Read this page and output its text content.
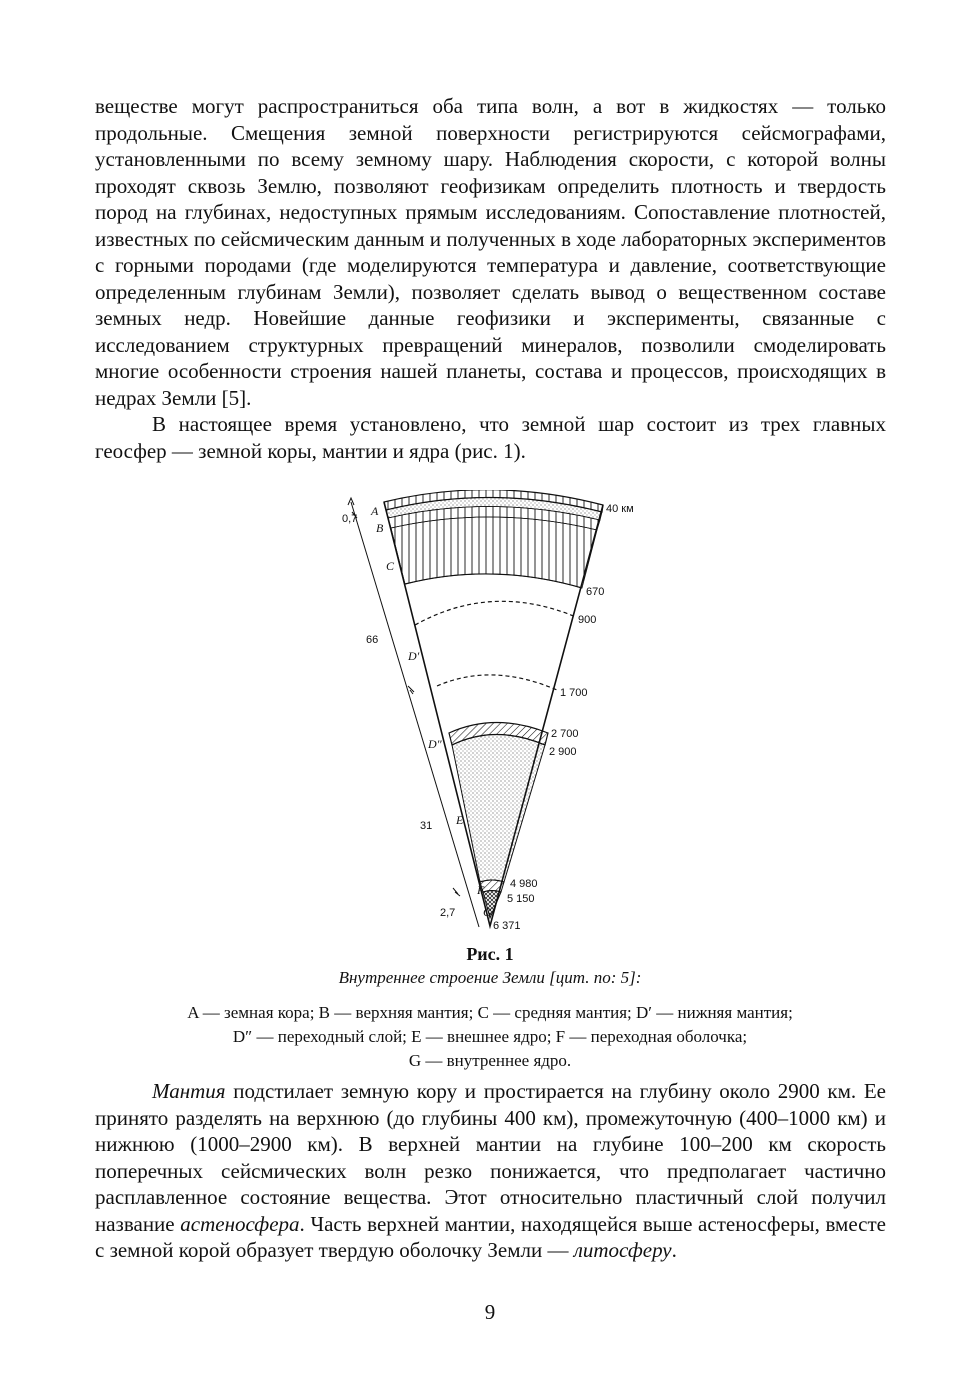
веществе могут распространиться оба типа волн, а вот в жидкостях — только продольные. Смещения земной поверхности регистрируются сейсмографами, установленными по всему земному шару. Наблюдения скорости, с которой волны проходят сквозь Землю, позволяют геофизикам определить плотность и твердость пород на глубинах, недоступных прямым исследованиям. Сопоставление плотностей, известных по сейсмическим данным и полученных в ходе лабораторных экспериментов с горными породами (где моделируются температура и давление, соответствующие определенным глубинам Земли), позволяет сделать вывод о вещественном составе земных недр. Новейшие данные геофизики и эксперименты, связанные с исследованием структурных превращений минералов, позволили смоделировать многие особенности строения нашей планеты, состава и процессов, происходящих в недрах Земли [5].

В настоящее время установлено, что земной шар состоит из трех главных геосфер — земной коры, мантии и ядра (рис. 1).

A
B
C
D′
D″
E
F
G
40 км
670
900
1 700
2 700
2 900
4 980
5 150
6 371
0,7
66
31
2,7
Рис. 1
Внутреннее строение Земли [цит. по: 5]:
A — земная кора; B — верхняя мантия; C — средняя мантия; D′ — нижняя мантия;
D″ — переходный слой; E — внешнее ядро; F — переходная оболочка;
G — внутреннее ядро.

Мантия подстилает земную кору и простирается на глубину около 2900 км. Ее принято разделять на верхнюю (до глубины 400 км), промежуточную (400–1000 км) и нижнюю (1000–2900 км). В верхней мантии на глубине 100–200 км скорость поперечных сейсмических волн резко понижается, что предполагает частично расплавленное состояние вещества. Этот относительно пластичный слой получил название астеносфера. Часть верхней мантии, находящейся выше астеносферы, вместе с земной корой образует твердую оболочку Земли — литосферу.

9
